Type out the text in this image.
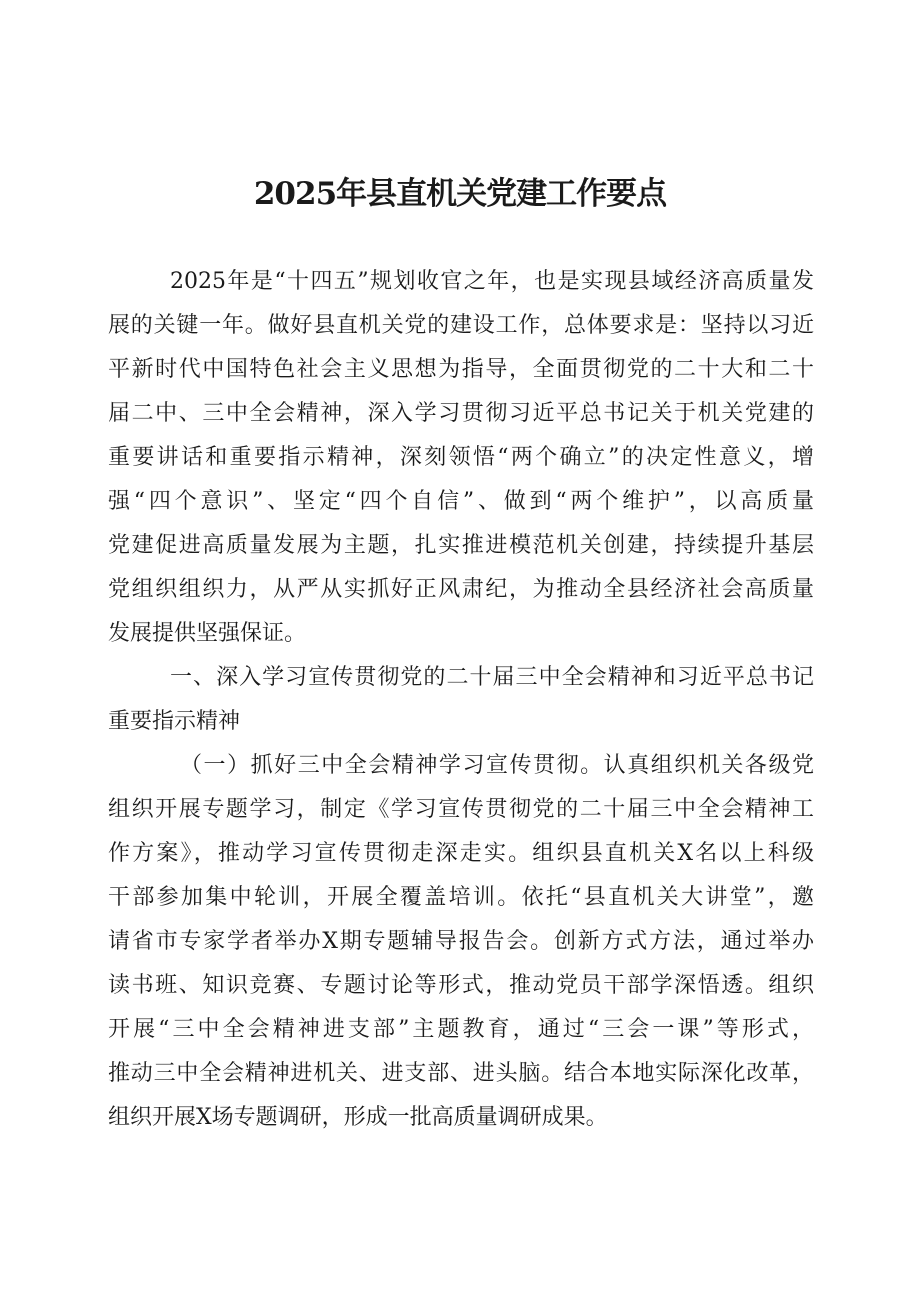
2025年县直机关党建工作要点
2025年是“十四五”规划收官之年，也是实现县域经济高质量发
展的关键一年。做好县直机关党的建设工作，总体要求是：坚持以习近
平新时代中国特色社会主义思想为指导，全面贯彻党的二十大和二十
届二中、三中全会精神，深入学习贯彻习近平总书记关于机关党建的
重要讲话和重要指示精神，深刻领悟“两个确立”的决定性意义，增
强“四个意识”、坚定“四个自信”、做到“两个维护”，以高质量
党建促进高质量发展为主题，扎实推进模范机关创建，持续提升基层
党组织组织力，从严从实抓好正风肃纪，为推动全县经济社会高质量
发展提供坚强保证。
一、深入学习宣传贯彻党的二十届三中全会精神和习近平总书记
重要指示精神
（一）抓好三中全会精神学习宣传贯彻。认真组织机关各级党
组织开展专题学习，制定《学习宣传贯彻党的二十届三中全会精神工
作方案》，推动学习宣传贯彻走深走实。组织县直机关X名以上科级
干部参加集中轮训，开展全覆盖培训。依托“县直机关大讲堂”，邀
请省市专家学者举办X期专题辅导报告会。创新方式方法，通过举办
读书班、知识竞赛、专题讨论等形式，推动党员干部学深悟透。组织
开展“三中全会精神进支部”主题教育，通过“三会一课”等形式，
推动三中全会精神进机关、进支部、进头脑。结合本地实际深化改革，
组织开展X场专题调研，形成一批高质量调研成果。
